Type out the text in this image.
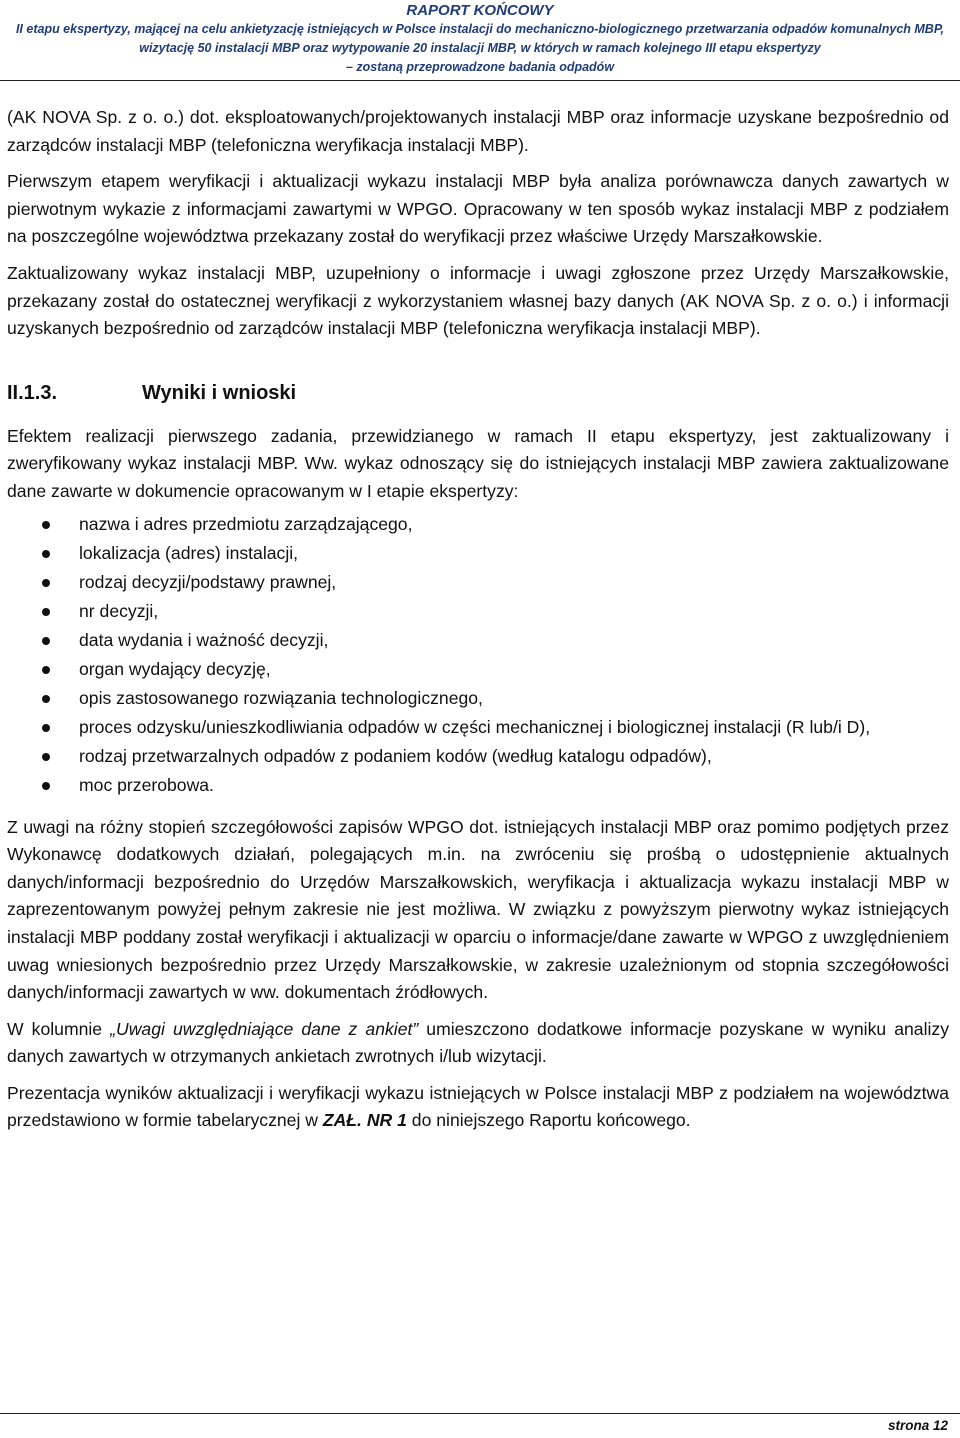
RAPORT KOŃCOWY
II etapu ekspertyzy, mającej na celu ankietyzację istniejących w Polsce instalacji do mechaniczno-biologicznego przetwarzania odpadów komunalnych MBP,
wizytację 50 instalacji MBP oraz wytypowanie 20 instalacji MBP, w których w ramach kolejnego III etapu ekspertyzy
– zostaną przeprowadzone badania odpadów

(AK NOVA Sp. z o. o.) dot. eksploatowanych/projektowanych instalacji MBP oraz informacje uzyskane bezpośrednio od zarządców instalacji MBP (telefoniczna weryfikacja instalacji MBP).

Pierwszym etapem weryfikacji i aktualizacji wykazu instalacji MBP była analiza porównawcza danych zawartych w pierwotnym wykazie z informacjami zawartymi w WPGO. Opracowany w ten sposób wykaz instalacji MBP z podziałem na poszczególne województwa przekazany został do weryfikacji przez właściwe Urzędy Marszałkowskie.

Zaktualizowany wykaz instalacji MBP, uzupełniony o informacje i uwagi zgłoszone przez Urzędy Marszałkowskie, przekazany został do ostatecznej weryfikacji z wykorzystaniem własnej bazy danych (AK NOVA Sp. z o. o.) i informacji uzyskanych bezpośrednio od zarządców instalacji MBP (telefoniczna weryfikacja instalacji MBP).

II.1.3.	Wyniki i wnioski

Efektem realizacji pierwszego zadania, przewidzianego w ramach II etapu ekspertyzy, jest zaktualizowany i zweryfikowany wykaz instalacji MBP. Ww. wykaz odnoszący się do istniejących instalacji MBP zawiera zaktualizowane dane zawarte w dokumencie opracowanym w I etapie ekspertyzy:

nazwa i adres przedmiotu zarządzającego,
lokalizacja (adres) instalacji,
rodzaj decyzji/podstawy prawnej,
nr decyzji,
data wydania i ważność decyzji,
organ wydający decyzję,
opis zastosowanego rozwiązania technologicznego,
proces odzysku/unieszkodliwiania odpadów w części mechanicznej i biologicznej instalacji (R lub/i D),
rodzaj przetwarzalnych odpadów z podaniem kodów (według katalogu odpadów),
moc przerobowa.

Z uwagi na różny stopień szczegółowości zapisów WPGO dot. istniejących instalacji MBP oraz pomimo podjętych przez Wykonawcę dodatkowych działań, polegających m.in. na zwróceniu się prośbą o udostępnienie aktualnych danych/informacji bezpośrednio do Urzędów Marszałkowskich, weryfikacja i aktualizacja wykazu instalacji MBP w zaprezentowanym powyżej pełnym zakresie nie jest możliwa. W związku z powyższym pierwotny wykaz istniejących instalacji MBP poddany został weryfikacji i aktualizacji w oparciu o informacje/dane zawarte w WPGO z uwzględnieniem uwag wniesionych bezpośrednio przez Urzędy Marszałkowskie, w zakresie uzależnionym od stopnia szczegółowości danych/informacji zawartych w ww. dokumentach źródłowych.

W kolumnie „Uwagi uwzględniające dane z ankiet” umieszczono dodatkowe informacje pozyskane w wyniku analizy danych zawartych w otrzymanych ankietach zwrotnych i/lub wizytacji.

Prezentacja wyników aktualizacji i weryfikacji wykazu istniejących w Polsce instalacji MBP z podziałem na województwa przedstawiono w formie tabelarycznej w ZAŁ. NR 1 do niniejszego Raportu końcowego.

strona 12
